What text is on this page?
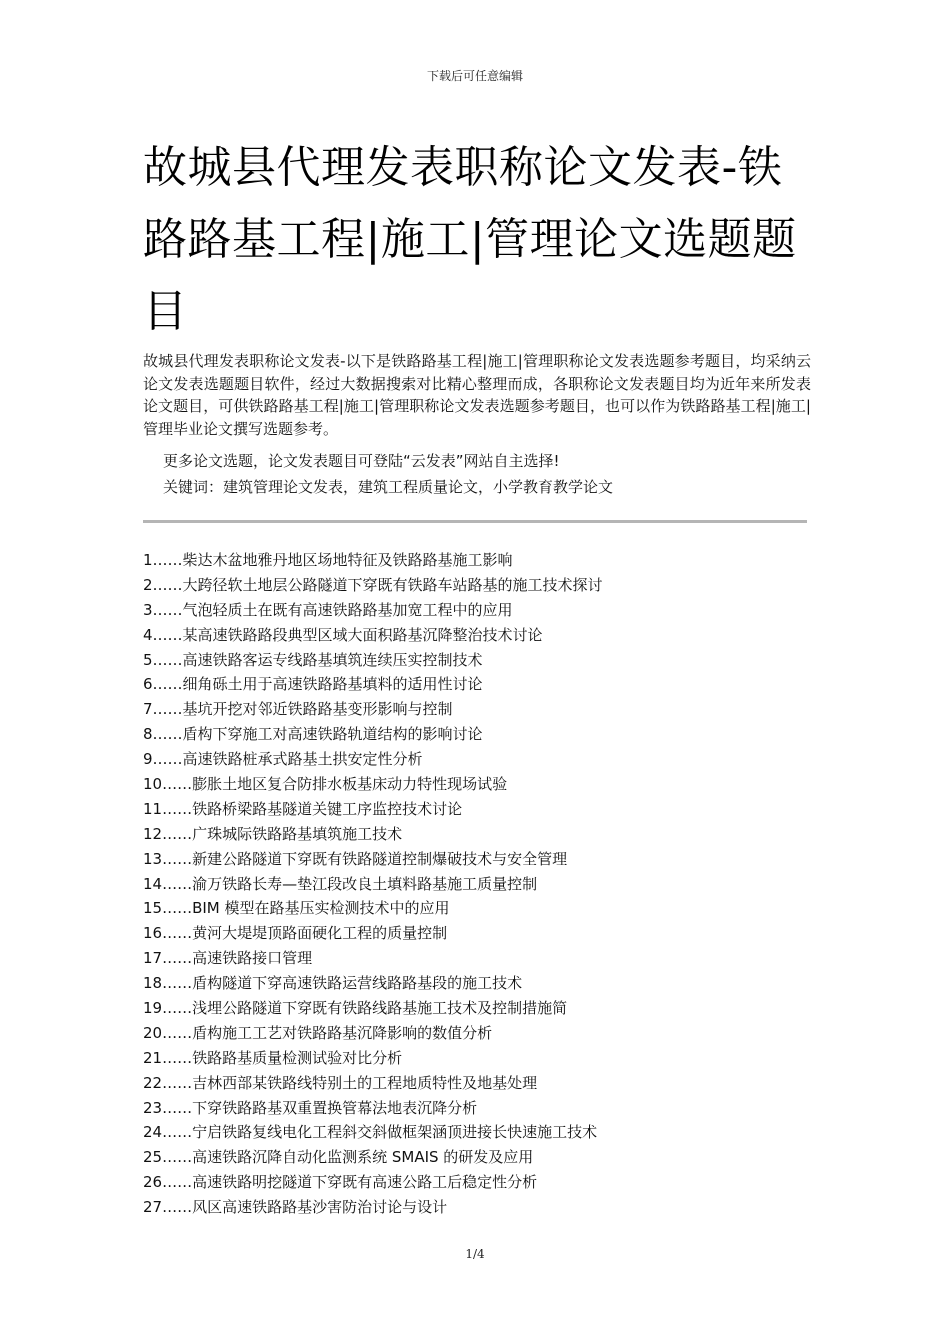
下载后可任意编辑
故城县代理发表职称论文发表-铁路路基工程|施工|管理论文选题题目

故城县代理发表职称论文发表-以下是铁路路基工程|施工|管理职称论文发表选题参考题目，均采纳云论文发表选题题目软件，经过大数据搜索对比精心整理而成，各职称论文发表题目均为近年来所发表论文题目，可供铁路路基工程|施工|管理职称论文发表选题参考题目，也可以作为铁路路基工程|施工|管理毕业论文撰写选题参考。

更多论文选题，论文发表题目可登陆“云发表”网站自主选择!

关键词：建筑管理论文发表，建筑工程质量论文，小学教育教学论文

1……柴达木盆地雅丹地区场地特征及铁路路基施工影响
2……大跨径软土地层公路隧道下穿既有铁路车站路基的施工技术探讨
3……气泡轻质土在既有高速铁路路基加宽工程中的应用
4……某高速铁路路段典型区域大面积路基沉降整治技术讨论
5……高速铁路客运专线路基填筑连续压实控制技术
6……细角砾土用于高速铁路路基填料的适用性讨论
7……基坑开挖对邻近铁路路基变形影响与控制
8……盾构下穿施工对高速铁路轨道结构的影响讨论
9……高速铁路桩承式路基土拱安定性分析
10……膨胀土地区复合防排水板基床动力特性现场试验
11……铁路桥梁路基隧道关键工序监控技术讨论
12……广珠城际铁路路基填筑施工技术
13……新建公路隧道下穿既有铁路隧道控制爆破技术与安全管理
14……渝万铁路长寿—垫江段改良土填料路基施工质量控制
15……BIM 模型在路基压实检测技术中的应用
16……黄河大堤堤顶路面硬化工程的质量控制
17……高速铁路接口管理
18……盾构隧道下穿高速铁路运营线路路基段的施工技术
19……浅埋公路隧道下穿既有铁路线路基施工技术及控制措施简
20……盾构施工工艺对铁路路基沉降影响的数值分析
21……铁路路基质量检测试验对比分析
22……吉林西部某铁路线特别土的工程地质特性及地基处理
23……下穿铁路路基双重置换管幕法地表沉降分析
24……宁启铁路复线电化工程斜交斜做框架涵顶进接长快速施工技术
25……高速铁路沉降自动化监测系统 SMAIS 的研发及应用
26……高速铁路明挖隧道下穿既有高速公路工后稳定性分析
27……风区高速铁路路基沙害防治讨论与设计
1/4
